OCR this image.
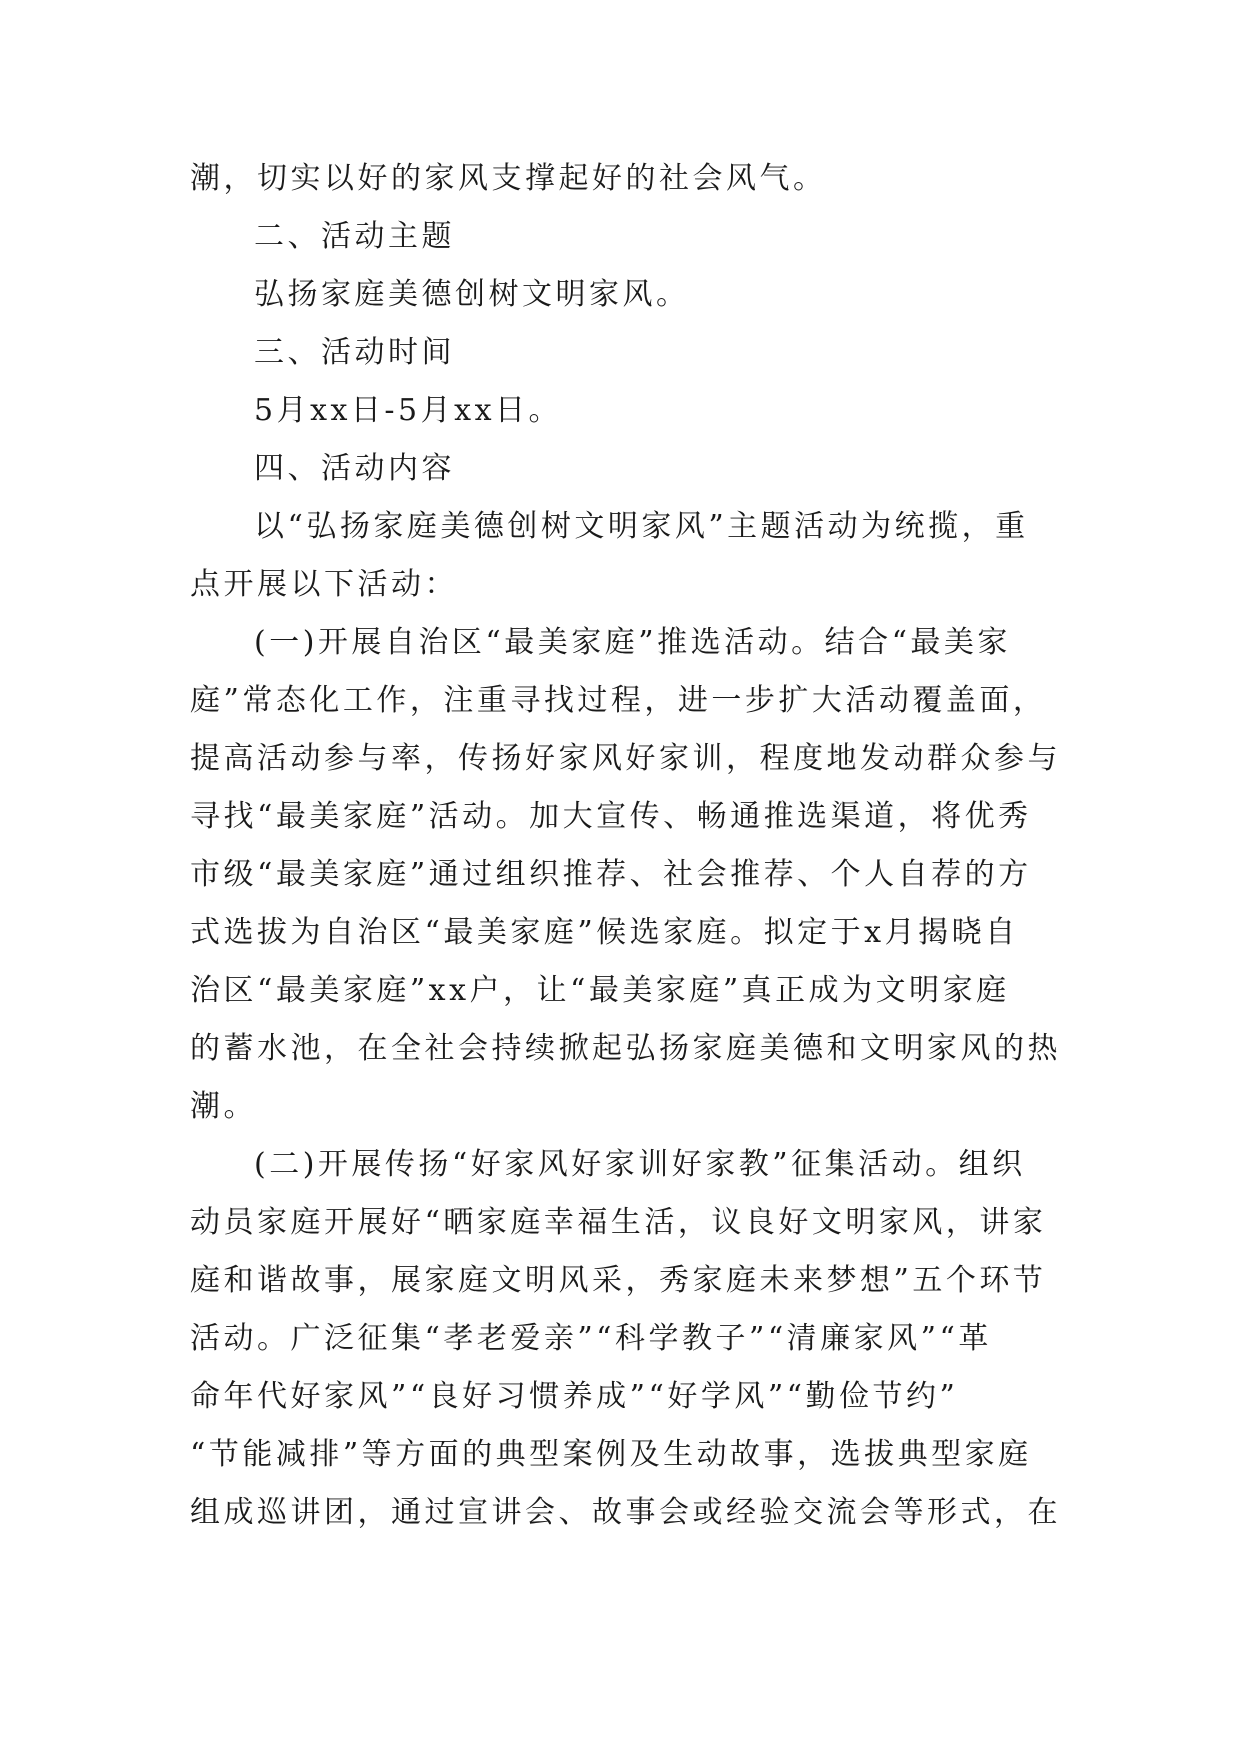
潮，切实以好的家风支撑起好的社会风气。
二、活动主题
弘扬家庭美德创树文明家风。
三、活动时间
5月xx日-5月xx日。
四、活动内容
以“弘扬家庭美德创树文明家风”主题活动为统揽，重
点开展以下活动：
(一)开展自治区“最美家庭”推选活动。结合“最美家
庭”常态化工作，注重寻找过程，进一步扩大活动覆盖面，
提高活动参与率，传扬好家风好家训，程度地发动群众参与
寻找“最美家庭”活动。加大宣传、畅通推选渠道，将优秀
市级“最美家庭”通过组织推荐、社会推荐、个人自荐的方
式选拔为自治区“最美家庭”候选家庭。拟定于x月揭晓自
治区“最美家庭”xx户，让“最美家庭”真正成为文明家庭
的蓄水池，在全社会持续掀起弘扬家庭美德和文明家风的热
潮。
(二)开展传扬“好家风好家训好家教”征集活动。组织
动员家庭开展好“晒家庭幸福生活，议良好文明家风，讲家
庭和谐故事，展家庭文明风采，秀家庭未来梦想”五个环节
活动。广泛征集“孝老爱亲”“科学教子”“清廉家风”“革
命年代好家风”“良好习惯养成”“好学风”“勤俭节约”
“节能减排”等方面的典型案例及生动故事，选拔典型家庭
组成巡讲团，通过宣讲会、故事会或经验交流会等形式，在
